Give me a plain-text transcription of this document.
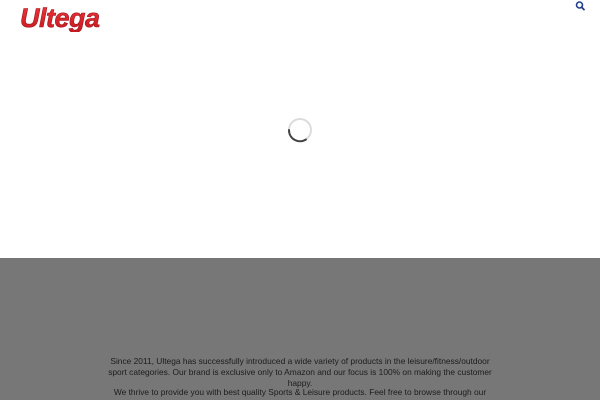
Ultega

Since 2011, Ultega has successfully introduced a wide variety of products in the leisure/fitness/outdoor sport categories. Our brand is exclusive only to Amazon and our focus is 100% on making the customer happy.

We thrive to provide you with best quality Sports & Leisure products. Feel free to browse through our
